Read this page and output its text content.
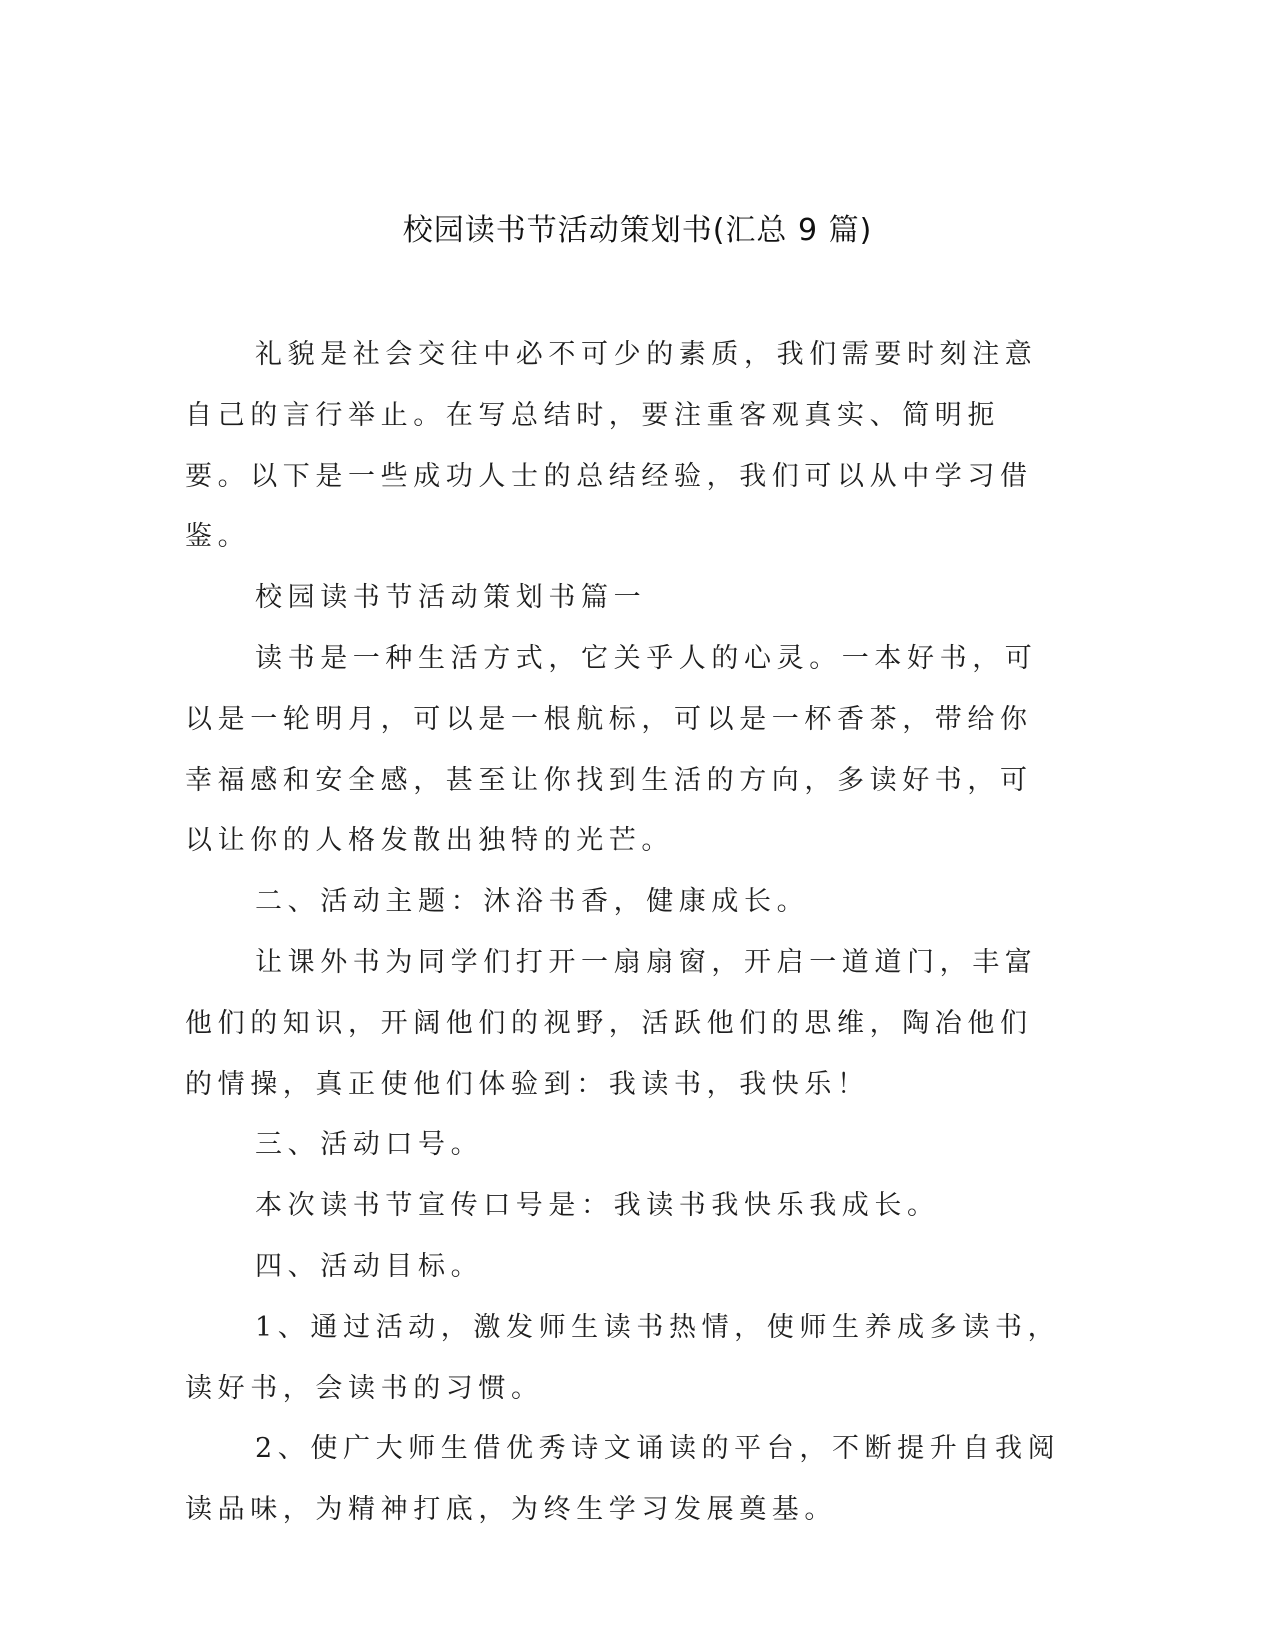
校园读书节活动策划书(汇总 9 篇)

礼貌是社会交往中必不可少的素质，我们需要时刻注意自己的言行举止。在写总结时，要注重客观真实、简明扼要。以下是一些成功人士的总结经验，我们可以从中学习借鉴。

校园读书节活动策划书篇一

读书是一种生活方式，它关乎人的心灵。一本好书，可以是一轮明月，可以是一根航标，可以是一杯香茶，带给你幸福感和安全感，甚至让你找到生活的方向，多读好书，可以让你的人格发散出独特的光芒。

二、活动主题：沐浴书香，健康成长。

让课外书为同学们打开一扇扇窗，开启一道道门，丰富他们的知识，开阔他们的视野，活跃他们的思维，陶冶他们的情操，真正使他们体验到：我读书，我快乐！

三、活动口号。

本次读书节宣传口号是：我读书我快乐我成长。

四、活动目标。

1、通过活动，激发师生读书热情，使师生养成多读书，读好书，会读书的习惯。

2、使广大师生借优秀诗文诵读的平台，不断提升自我阅读品味，为精神打底，为终生学习发展奠基。
